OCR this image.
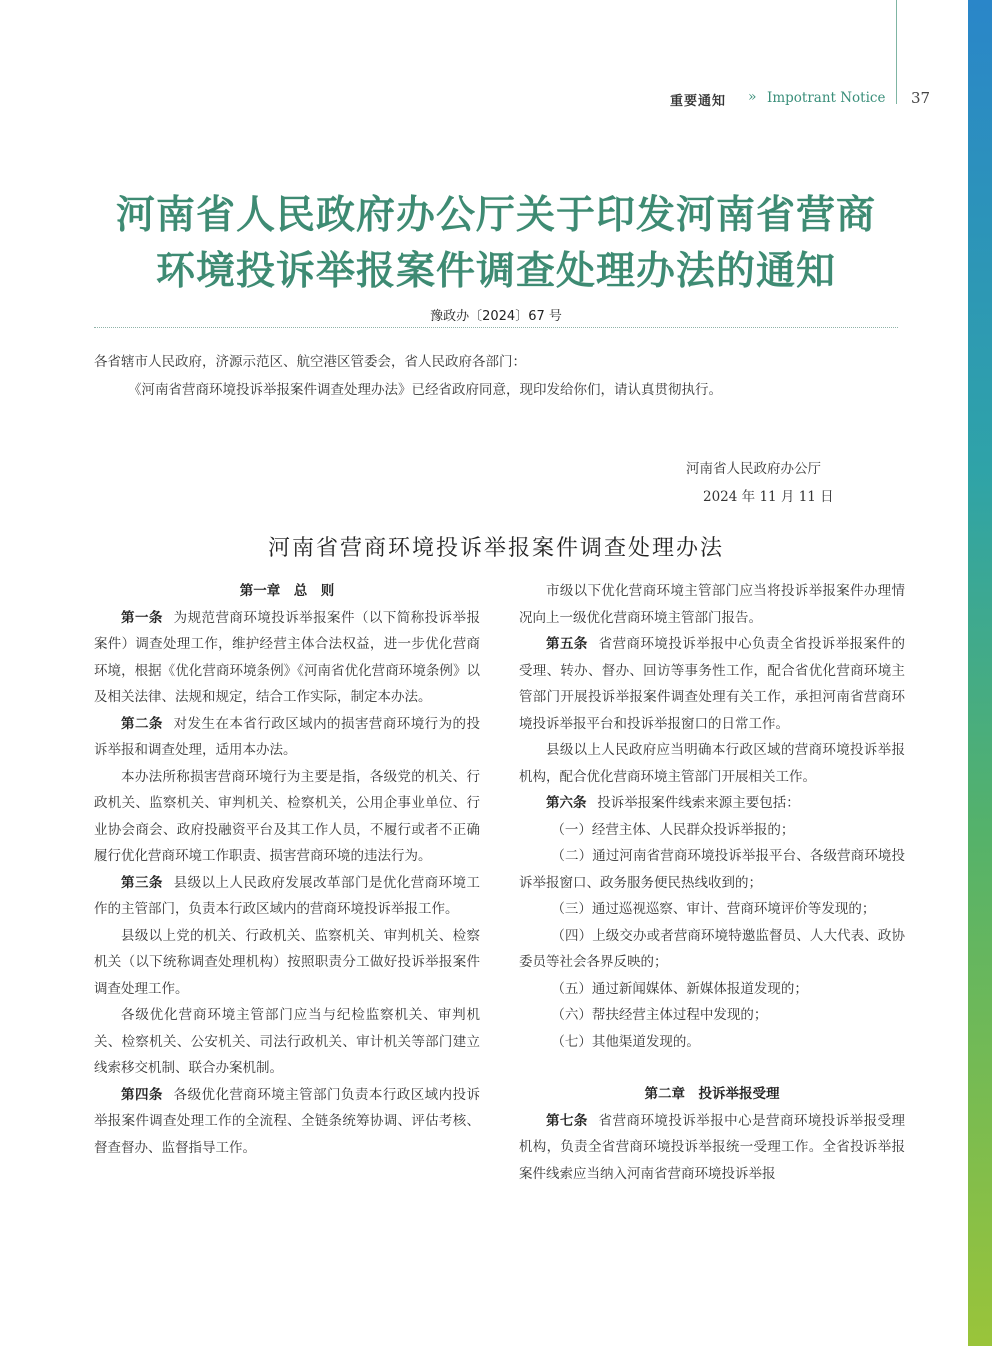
重要通知 » Impotrant Notice 37
河南省人民政府办公厅关于印发河南省营商
环境投诉举报案件调查处理办法的通知
豫政办〔2024〕67 号
各省辖市人民政府，济源示范区、航空港区管委会，省人民政府各部门：
《河南省营商环境投诉举报案件调查处理办法》已经省政府同意，现印发给你们，请认真贯彻执行。
河南省人民政府办公厅
2024 年 11 月 11 日
河南省营商环境投诉举报案件调查处理办法
第一章　总　则

第一条 为规范营商环境投诉举报案件（以下简称投诉举报案件）调查处理工作，维护经营主体合法权益，进一步优化营商环境，根据《优化营商环境条例》《河南省优化营商环境条例》以及相关法律、法规和规定，结合工作实际，制定本办法。

第二条 对发生在本省行政区域内的损害营商环境行为的投诉举报和调查处理，适用本办法。

本办法所称损害营商环境行为主要是指，各级党的机关、行政机关、监察机关、审判机关、检察机关，公用企事业单位、行业协会商会、政府投融资平台及其工作人员，不履行或者不正确履行优化营商环境工作职责、损害营商环境的违法行为。

第三条 县级以上人民政府发展改革部门是优化营商环境工作的主管部门，负责本行政区域内的营商环境投诉举报工作。

县级以上党的机关、行政机关、监察机关、审判机关、检察机关（以下统称调查处理机构）按照职责分工做好投诉举报案件调查处理工作。

各级优化营商环境主管部门应当与纪检监察机关、审判机关、检察机关、公安机关、司法行政机关、审计机关等部门建立线索移交机制、联合办案机制。

第四条 各级优化营商环境主管部门负责本行政区域内投诉举报案件调查处理工作的全流程、全链条统筹协调、评估考核、督查督办、监督指导工作。

市级以下优化营商环境主管部门应当将投诉举报案件办理情况向上一级优化营商环境主管部门报告。

第五条 省营商环境投诉举报中心负责全省投诉举报案件的受理、转办、督办、回访等事务性工作，配合省优化营商环境主管部门开展投诉举报案件调查处理有关工作，承担河南省营商环境投诉举报平台和投诉举报窗口的日常工作。

县级以上人民政府应当明确本行政区域的营商环境投诉举报机构，配合优化营商环境主管部门开展相关工作。

第六条 投诉举报案件线索来源主要包括：

（一）经营主体、人民群众投诉举报的；

（二）通过河南省营商环境投诉举报平台、各级营商环境投诉举报窗口、政务服务便民热线收到的；

（三）通过巡视巡察、审计、营商环境评价等发现的；

（四）上级交办或者营商环境特邀监督员、人大代表、政协委员等社会各界反映的；

（五）通过新闻媒体、新媒体报道发现的；

（六）帮扶经营主体过程中发现的；

（七）其他渠道发现的。

第二章　投诉举报受理

第七条 省营商环境投诉举报中心是营商环境投诉举报受理机构，负责全省营商环境投诉举报统一受理工作。全省投诉举报案件线索应当纳入河南省营商环境投诉举报
